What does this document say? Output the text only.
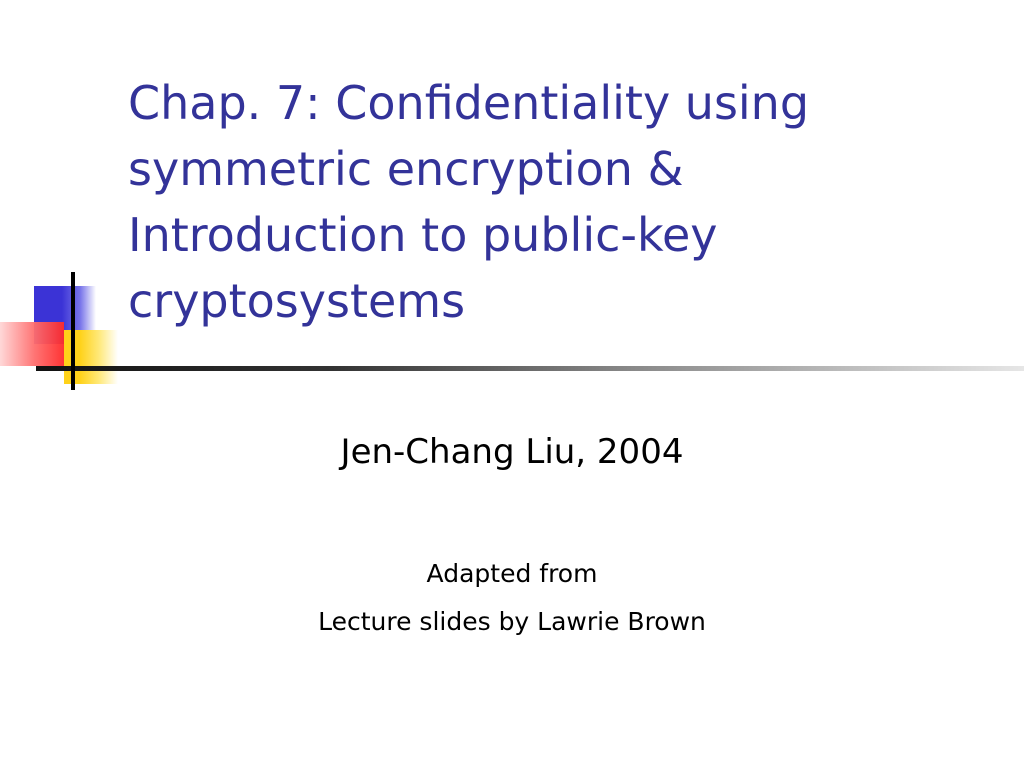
Chap. 7: Confidentiality using
symmetric encryption &
Introduction to public-key
cryptosystems

Jen-Chang Liu, 2004

Adapted from

Lecture slides by Lawrie Brown
